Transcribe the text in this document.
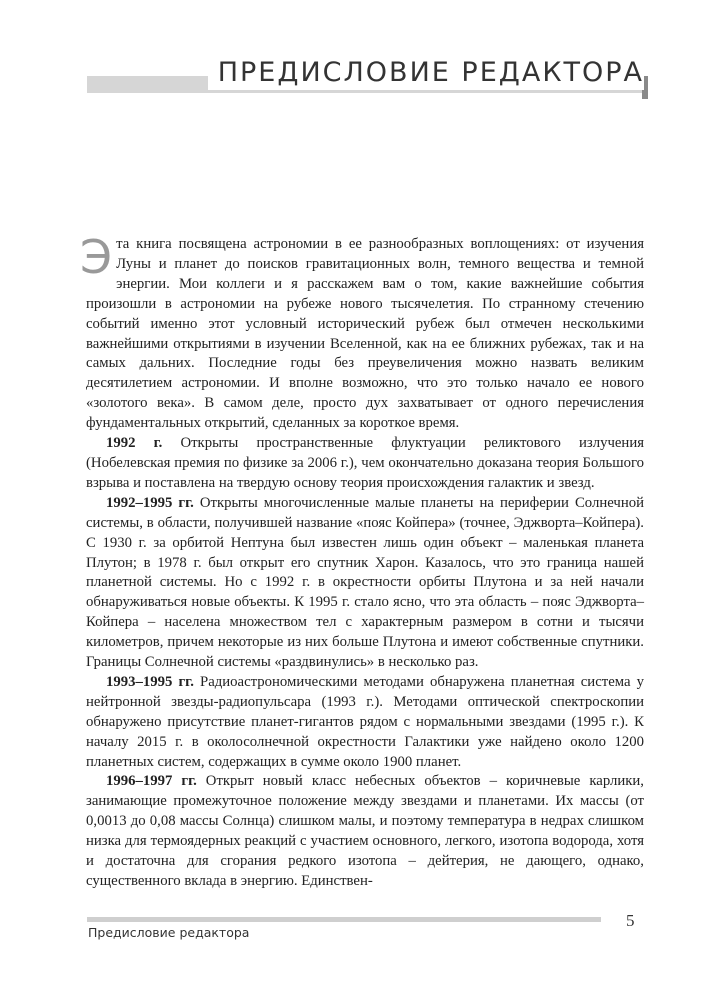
ПРЕДИСЛОВИЕ РЕДАКТОРА

Эта книга посвящена астрономии в ее разнообразных воплощениях: от изучения Луны и планет до поисков гравитационных волн, темного вещества и темной энергии. Мои коллеги и я расскажем вам о том, какие важнейшие события произошли в астрономии на рубеже нового тысячелетия. По странному стечению событий именно этот условный исторический рубеж был отмечен несколькими важнейшими открытиями в изучении Вселенной, как на ее ближних рубежах, так и на самых дальних. Последние годы без преувеличения можно назвать великим десятилетием астрономии. И вполне возможно, что это только начало ее нового «золотого века». В самом деле, просто дух захватывает от одного перечисления фундаментальных открытий, сделанных за короткое время.

1992 г. Открыты пространственные флуктуации реликтового излучения (Нобелевская премия по физике за 2006 г.), чем окончательно доказана теория Большого взрыва и поставлена на твердую основу теория происхождения галактик и звезд.

1992–1995 гг. Открыты многочисленные малые планеты на периферии Солнечной системы, в области, получившей название «пояс Койпера» (точнее, Эджворта–Койпера). С 1930 г. за орбитой Нептуна был известен лишь один объект – маленькая планета Плутон; в 1978 г. был открыт его спутник Харон. Казалось, что это граница нашей планетной системы. Но с 1992 г. в окрестности орбиты Плутона и за ней начали обнаруживаться новые объекты. К 1995 г. стало ясно, что эта область – пояс Эджворта–Койпера – населена множеством тел с характерным размером в сотни и тысячи километров, причем некоторые из них больше Плутона и имеют собственные спутники. Границы Солнечной системы «раздвинулись» в несколько раз.

1993–1995 гг. Радиоастрономическими методами обнаружена планетная система у нейтронной звезды-радиопульсара (1993 г.). Методами оптической спектроскопии обнаружено присутствие планет-гигантов рядом с нормальными звездами (1995 г.). К началу 2015 г. в околосолнечной окрестности Галактики уже найдено около 1200 планетных систем, содержащих в сумме около 1900 планет.

1996–1997 гг. Открыт новый класс небесных объектов – коричневые карлики, занимающие промежуточное положение между звездами и планетами. Их массы (от 0,0013 до 0,08 массы Солнца) слишком малы, и поэтому температура в недрах слишком низка для термоядерных реакций с участием основного, легкого, изотопа водорода, хотя и достаточна для сгорания редкого изотопа – дейтерия, не дающего, однако, существенного вклада в энергию. Единствен-

Предисловие редактора
5
